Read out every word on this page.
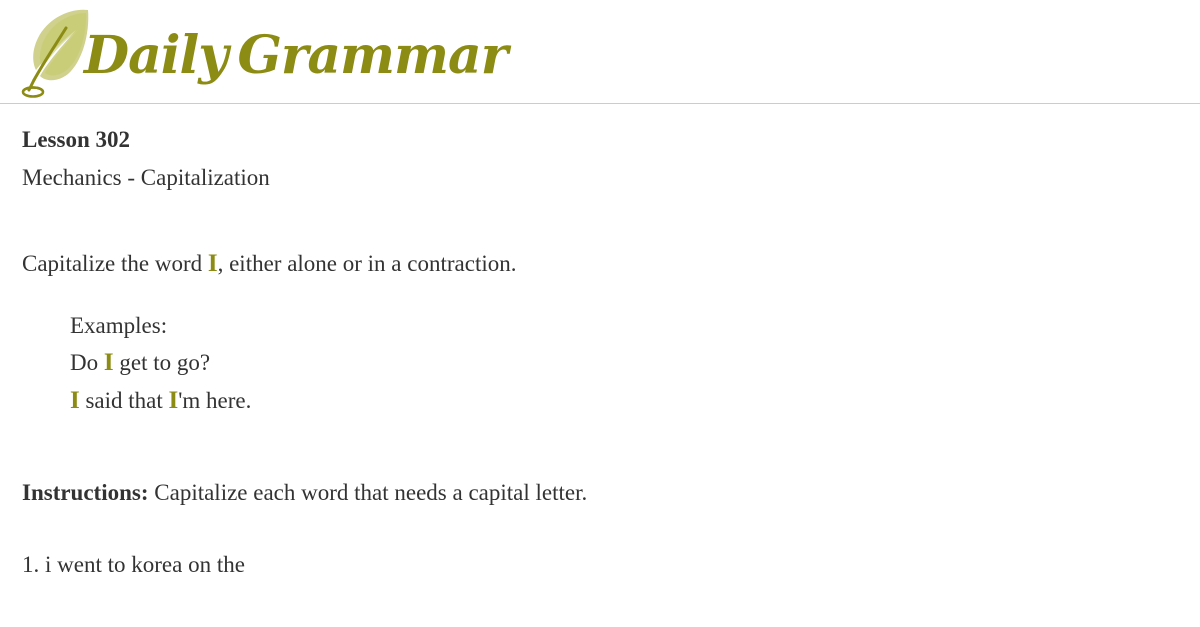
Daily Grammar
Lesson 302
Mechanics - Capitalization

Capitalize the word I, either alone or in a contraction.

Examples:

Do I get to go?

I said that I'm here.

Instructions: Capitalize each word that needs a capital letter.

1. i went to korea on the
